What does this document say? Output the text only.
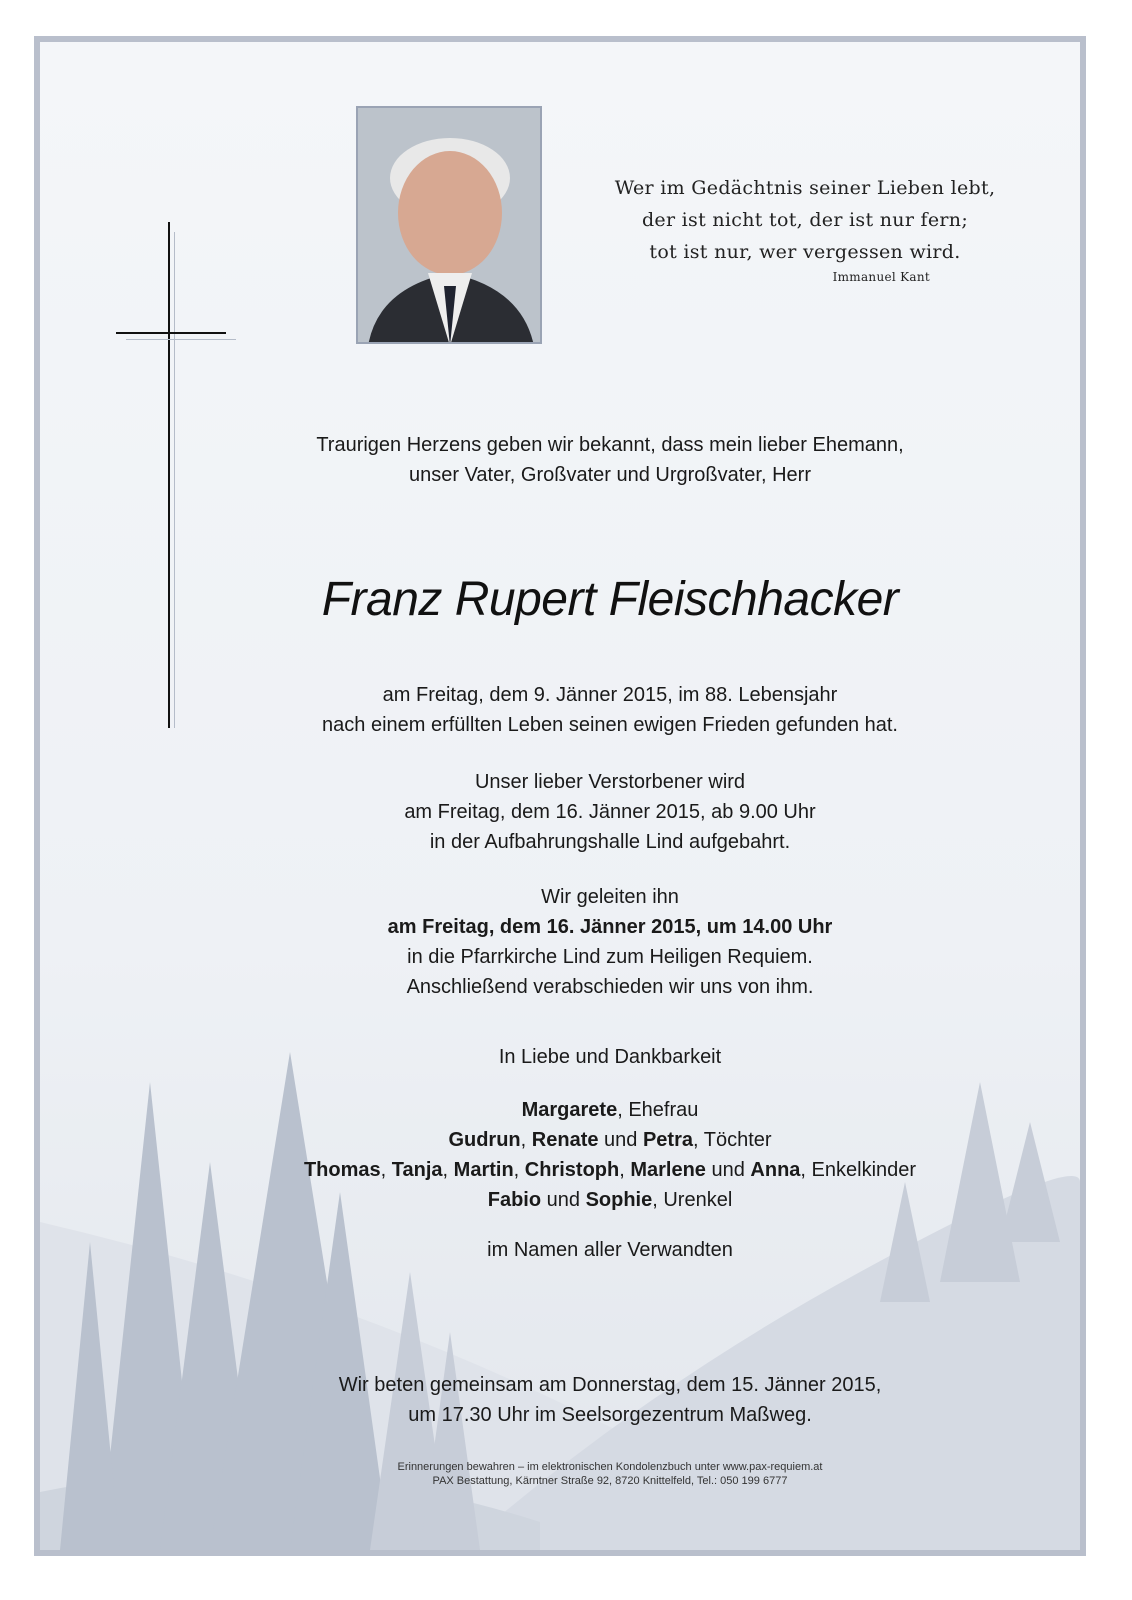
Wer im Gedächtnis seiner Lieben lebt,
der ist nicht tot, der ist nur fern;
tot ist nur, wer vergessen wird.
Immanuel Kant
Traurigen Herzens geben wir bekannt, dass mein lieber Ehemann,
unser Vater, Großvater und Urgroßvater, Herr
Franz Rupert Fleischhacker
am Freitag, dem 9. Jänner 2015, im 88. Lebensjahr
nach einem erfüllten Leben seinen ewigen Frieden gefunden hat.
Unser lieber Verstorbener wird
am Freitag, dem 16. Jänner 2015, ab 9.00 Uhr
in der Aufbahrungshalle Lind aufgebahrt.
Wir geleiten ihn
am Freitag, dem 16. Jänner 2015, um 14.00 Uhr
in die Pfarrkirche Lind zum Heiligen Requiem.
Anschließend verabschieden wir uns von ihm.
In Liebe und Dankbarkeit
Margarete, Ehefrau
Gudrun, Renate und Petra, Töchter
Thomas, Tanja, Martin, Christoph, Marlene und Anna, Enkelkinder
Fabio und Sophie, Urenkel
im Namen aller Verwandten
Wir beten gemeinsam am Donnerstag, dem 15. Jänner 2015,
um 17.30 Uhr im Seelsorgezentrum Maßweg.
Erinnerungen bewahren – im elektronischen Kondolenzbuch unter www.pax-requiem.at
PAX Bestattung, Kärntner Straße 92, 8720 Knittelfeld, Tel.: 050 199 6777
